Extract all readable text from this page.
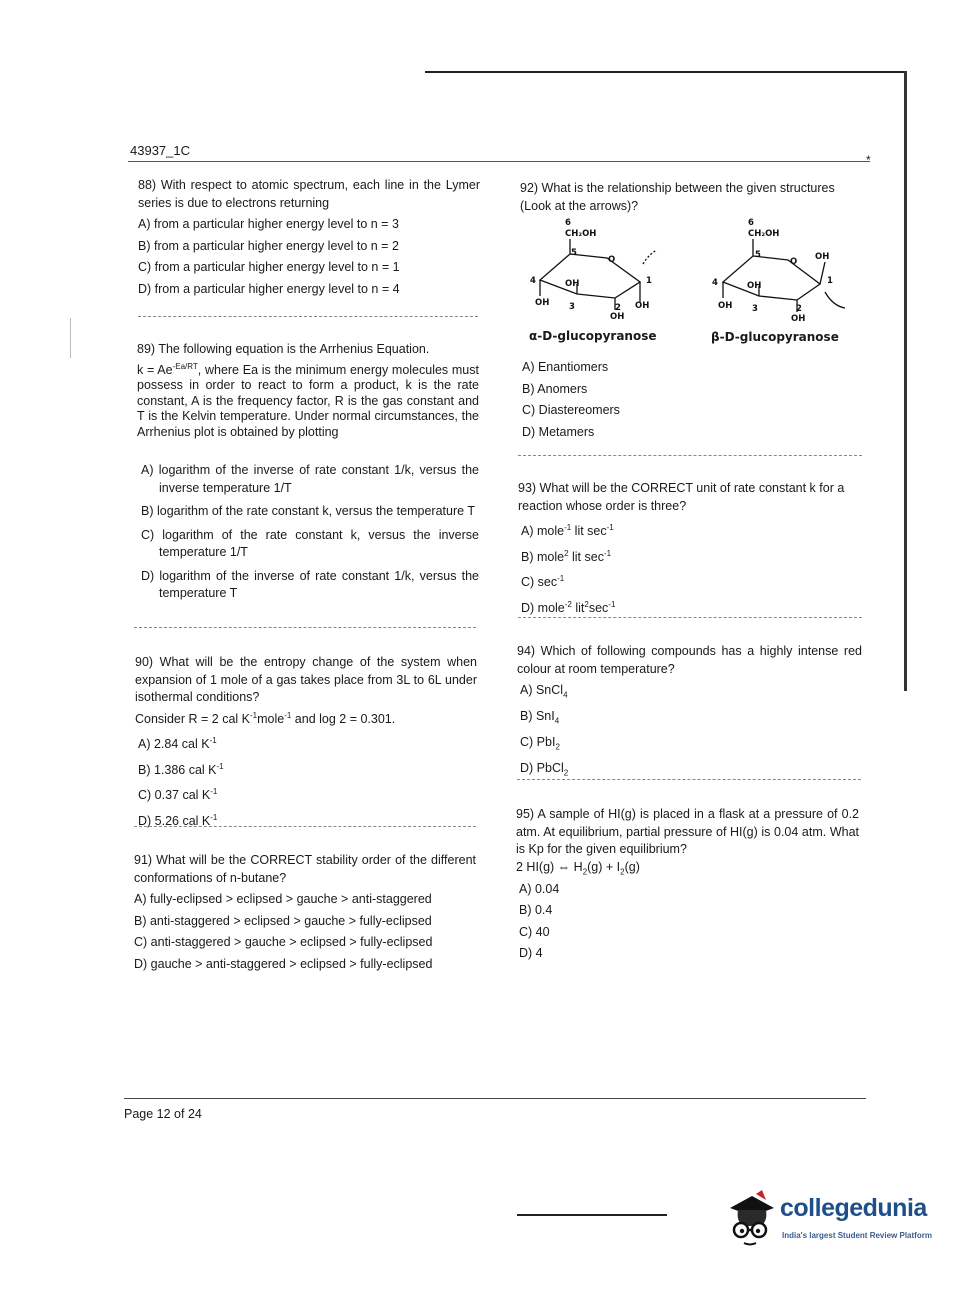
43937_1C
*

88) With respect to atomic spectrum, each line in the Lymer series is due to electrons returning

A) from a particular higher energy level to n = 3

B) from a particular higher energy level to n = 2

C) from a particular higher energy level to n = 1

D) from a particular higher energy level to n = 4

89) The following equation is the Arrhenius Equation.

$k = Ae^{-Ea/RT}$, where Ea is the minimum energy molecules must possess in order to react to form a product, k is the rate constant, A is the frequency factor, R is the gas constant and T is the Kelvin temperature. Under normal circumstances, the Arrhenius plot is obtained by plotting

A) logarithm of the inverse of rate constant 1/k, versus the inverse temperature 1/T

B) logarithm of the rate constant k, versus the temperature T

C) logarithm of the rate constant k, versus the inverse temperature 1/T

D) logarithm of the inverse of rate constant 1/k, versus the temperature T

90) What will be the entropy change of the system when expansion of 1 mole of a gas takes place from 3L to 6L under isothermal conditions?

Consider R = 2 cal $K^{-1}mole^{-1}$ and log 2 = 0.301.

A) 2.84 cal $K^{-1}$

B) 1.386 cal $K^{-1}$

C) 0.37 cal $K^{-1}$

D) 5.26 cal $K^{-1}$

91) What will be the CORRECT stability order of the different conformations of n-butane?

A) fully-eclipsed > eclipsed > gauche > anti-staggered

B) anti-staggered > eclipsed > gauche > fully-eclipsed

C) anti-staggered > gauche > eclipsed > fully-eclipsed

D) gauche > anti-staggered > eclipsed > fully-eclipsed

92) What is the relationship between the given structures (Look at the arrows)?

6
CH₂OH
5
O
OH
4
OH 3	2
OH
OH
1
6
CH₂OH
5
O OH
OH
4
OH 3	2
OH
1
α-D-glucopyranose	β-D-glucopyranose

A) Enantiomers

B) Anomers

C) Diastereomers

D) Metamers

93) What will be the CORRECT unit of rate constant k for a reaction whose order is three?

A) mole$^{-1}$ lit $\sec^{-1}$

B) mole$^2$ lit $\sec^{-1}$

C) $\sec^{-1}$

D) mole$^{-2}$ $lit^2\sec^{-1}$

94) Which of following compounds has a highly intense red colour at room temperature?

A) SnCl$_4$

B) SnI$_4$

C) PbI$_2$

D) PbCl$_2$

95) A sample of HI(g) is placed in a flask at a pressure of 0.2 atm. At equilibrium, partial pressure of HI(g) is 0.04 atm. What is Kp for the given equilibrium?

2 HI(g) ⇔ $H_2(g) + I_2(g)$

A) 0.04

B) 0.4

C) 40

D) 4

Page 12 of 24
collegedunia
India's largest Student Review Platform
